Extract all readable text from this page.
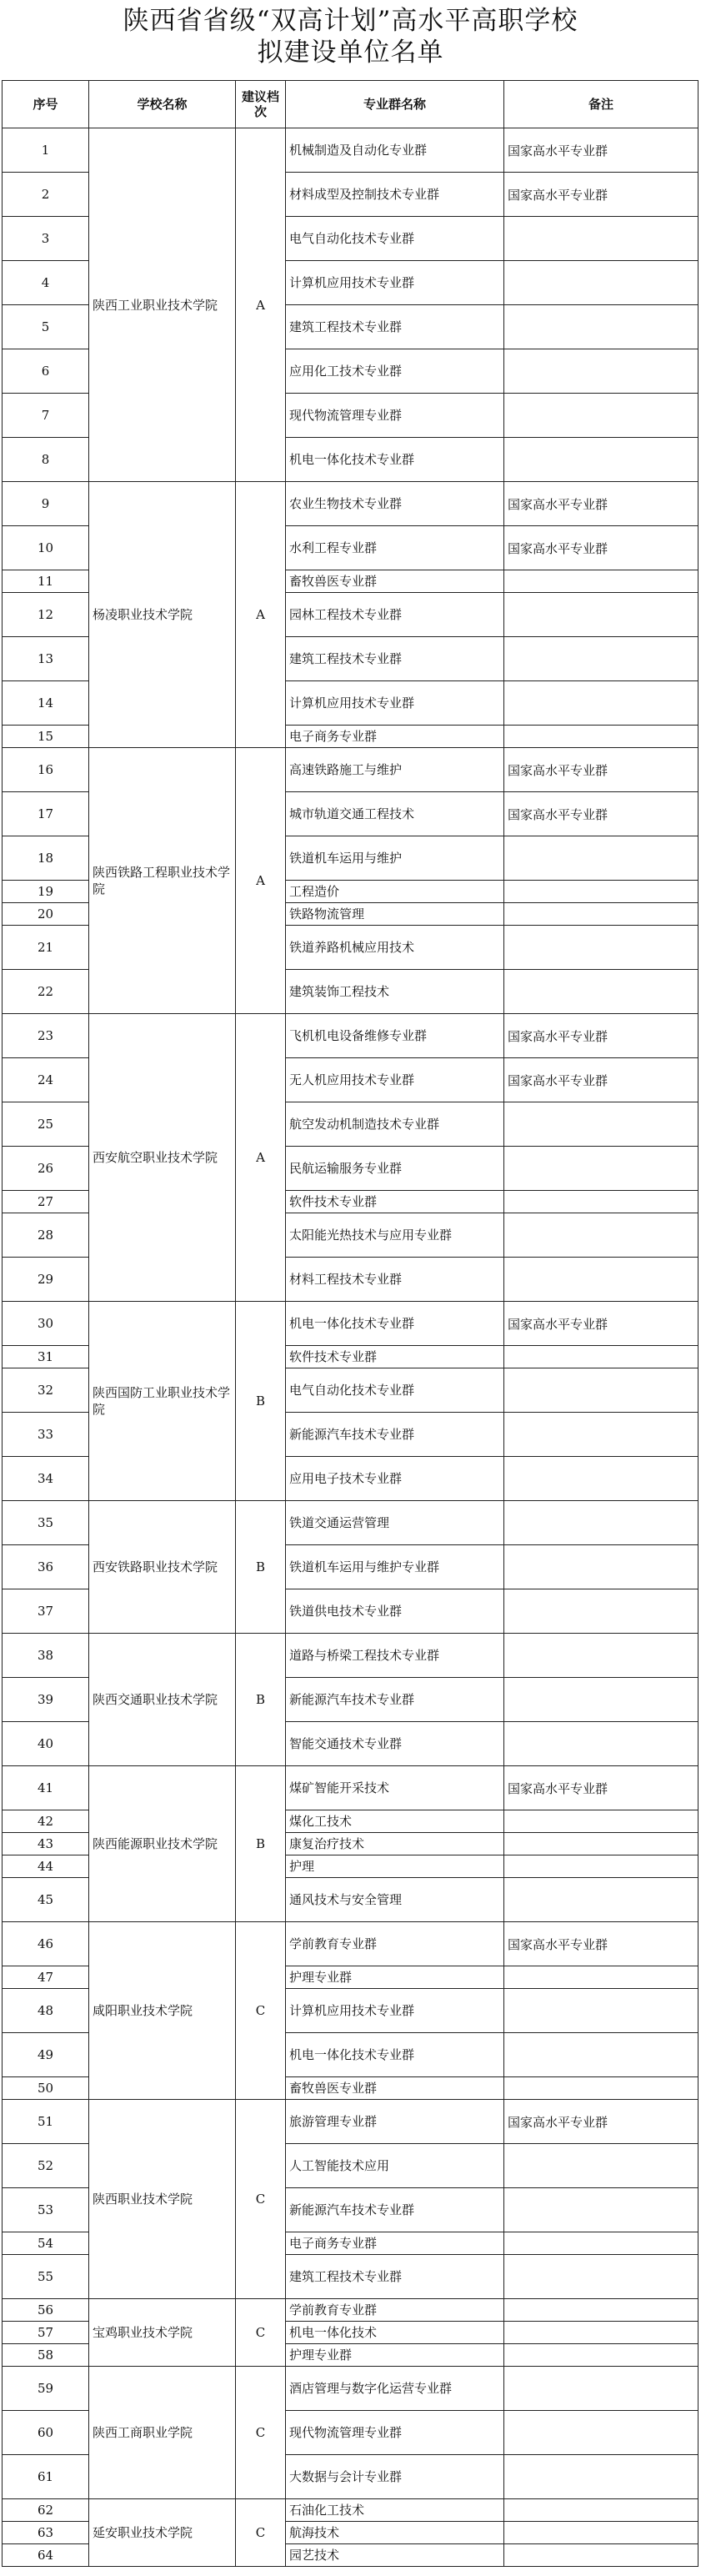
陕西省省级“双高计划”高水平高职学校
拟建设单位名单
序号	学校名称	建议档次	专业群名称	备注
1	陕西工业职业技术学院	A	机械制造及自动化专业群	国家高水平专业群
2			材料成型及控制技术专业群	国家高水平专业群
3			电气自动化技术专业群	
4			计算机应用技术专业群	
5			建筑工程技术专业群	
6			应用化工技术专业群	
7			现代物流管理专业群	
8			机电一体化技术专业群	
9	杨凌职业技术学院	A	农业生物技术专业群	国家高水平专业群
10			水利工程专业群	国家高水平专业群
11			畜牧兽医专业群	
12			园林工程技术专业群	
13			建筑工程技术专业群	
14			计算机应用技术专业群	
15			电子商务专业群	
16	陕西铁路工程职业技术学院	A	高速铁路施工与维护	国家高水平专业群
17			城市轨道交通工程技术	国家高水平专业群
18			铁道机车运用与维护	
19			工程造价	
20			铁路物流管理	
21			铁道养路机械应用技术	
22			建筑装饰工程技术	
23	西安航空职业技术学院	A	飞机机电设备维修专业群	国家高水平专业群
24			无人机应用技术专业群	国家高水平专业群
25			航空发动机制造技术专业群	
26			民航运输服务专业群	
27			软件技术专业群	
28			太阳能光热技术与应用专业群	
29			材料工程技术专业群	
30	陕西国防工业职业技术学院	B	机电一体化技术专业群	国家高水平专业群
31			软件技术专业群	
32			电气自动化技术专业群	
33			新能源汽车技术专业群	
34			应用电子技术专业群	
35	西安铁路职业技术学院	B	铁道交通运营管理	
36			铁道机车运用与维护专业群	
37			铁道供电技术专业群	
38	陕西交通职业技术学院	B	道路与桥梁工程技术专业群	
39			新能源汽车技术专业群	
40			智能交通技术专业群	
41	陕西能源职业技术学院	B	煤矿智能开采技术	国家高水平专业群
42			煤化工技术	
43			康复治疗技术	
44			护理	
45			通风技术与安全管理	
46	咸阳职业技术学院	C	学前教育专业群	国家高水平专业群
47			护理专业群	
48			计算机应用技术专业群	
49			机电一体化技术专业群	
50			畜牧兽医专业群	
51	陕西职业技术学院	C	旅游管理专业群	国家高水平专业群
52			人工智能技术应用	
53			新能源汽车技术专业群	
54			电子商务专业群	
55			建筑工程技术专业群	
56	宝鸡职业技术学院	C	学前教育专业群	
57			机电一体化技术	
58			护理专业群	
59	陕西工商职业学院	C	酒店管理与数字化运营专业群	
60			现代物流管理专业群	
61			大数据与会计专业群	
62	延安职业技术学院	C	石油化工技术	
63			航海技术	
64			园艺技术	
